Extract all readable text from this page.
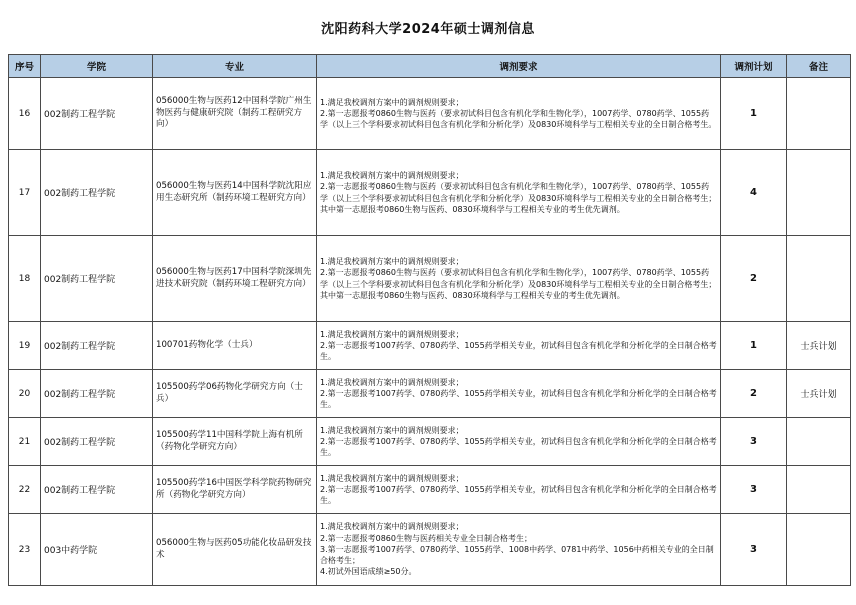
沈阳药科大学2024年硕士调剂信息
序号	学院	专业	调剂要求	调剂计划	备注
16	002制药工程学院	056000生物与医药12中国科学院广州生物医药与健康研究院（制药工程研究方向）	1.满足我校调剂方案中的调剂规则要求；
2.第一志愿报考0860生物与医药（要求初试科目包含有机化学和生物化学），1007药学、0780药学、1055药学（以上三个学科要求初试科目包含有机化学和分析化学）及0830环境科学与工程相关专业的全日制合格考生。	1	
17	002制药工程学院	056000生物与医药14中国科学院沈阳应用生态研究所（制药环境工程研究方向）	1.满足我校调剂方案中的调剂规则要求；
2.第一志愿报考0860生物与医药（要求初试科目包含有机化学和生物化学），1007药学、0780药学、1055药学（以上三个学科要求初试科目包含有机化学和分析化学）及0830环境科学与工程相关专业的全日制合格考生；其中第一志愿报考0860生物与医药、0830环境科学与工程相关专业的考生优先调剂。	4	
18	002制药工程学院	056000生物与医药17中国科学院深圳先进技术研究院（制药环境工程研究方向）	1.满足我校调剂方案中的调剂规则要求；
2.第一志愿报考0860生物与医药（要求初试科目包含有机化学和生物化学），1007药学、0780药学、1055药学（以上三个学科要求初试科目包含有机化学和分析化学）及0830环境科学与工程相关专业的全日制合格考生；其中第一志愿报考0860生物与医药、0830环境科学与工程相关专业的考生优先调剂。	2	
19	002制药工程学院	100701药物化学（士兵）	1.满足我校调剂方案中的调剂规则要求；
2.第一志愿报考1007药学、0780药学、1055药学相关专业，初试科目包含有机化学和分析化学的全日制合格考生。	1	士兵计划
20	002制药工程学院	105500药学06药物化学研究方向（士兵）	1.满足我校调剂方案中的调剂规则要求；
2.第一志愿报考1007药学、0780药学、1055药学相关专业，初试科目包含有机化学和分析化学的全日制合格考生。	2	士兵计划
21	002制药工程学院	105500药学11中国科学院上海有机所（药物化学研究方向）	1.满足我校调剂方案中的调剂规则要求；
2.第一志愿报考1007药学、0780药学、1055药学相关专业，初试科目包含有机化学和分析化学的全日制合格考生。	3	
22	002制药工程学院	105500药学16中国医学科学院药物研究所（药物化学研究方向）	1.满足我校调剂方案中的调剂规则要求；
2.第一志愿报考1007药学、0780药学、1055药学相关专业，初试科目包含有机化学和分析化学的全日制合格考生。	3	
23	003中药学院	056000生物与医药05功能化妆品研发技术	1.满足我校调剂方案中的调剂规则要求；
2.第一志愿报考0860生物与医药相关专业全日制合格考生；
3.第一志愿报考1007药学、0780药学、1055药学、1008中药学、0781中药学、1056中药相关专业的全日制合格考生；
4.初试外国语成绩≥50分。	3	
